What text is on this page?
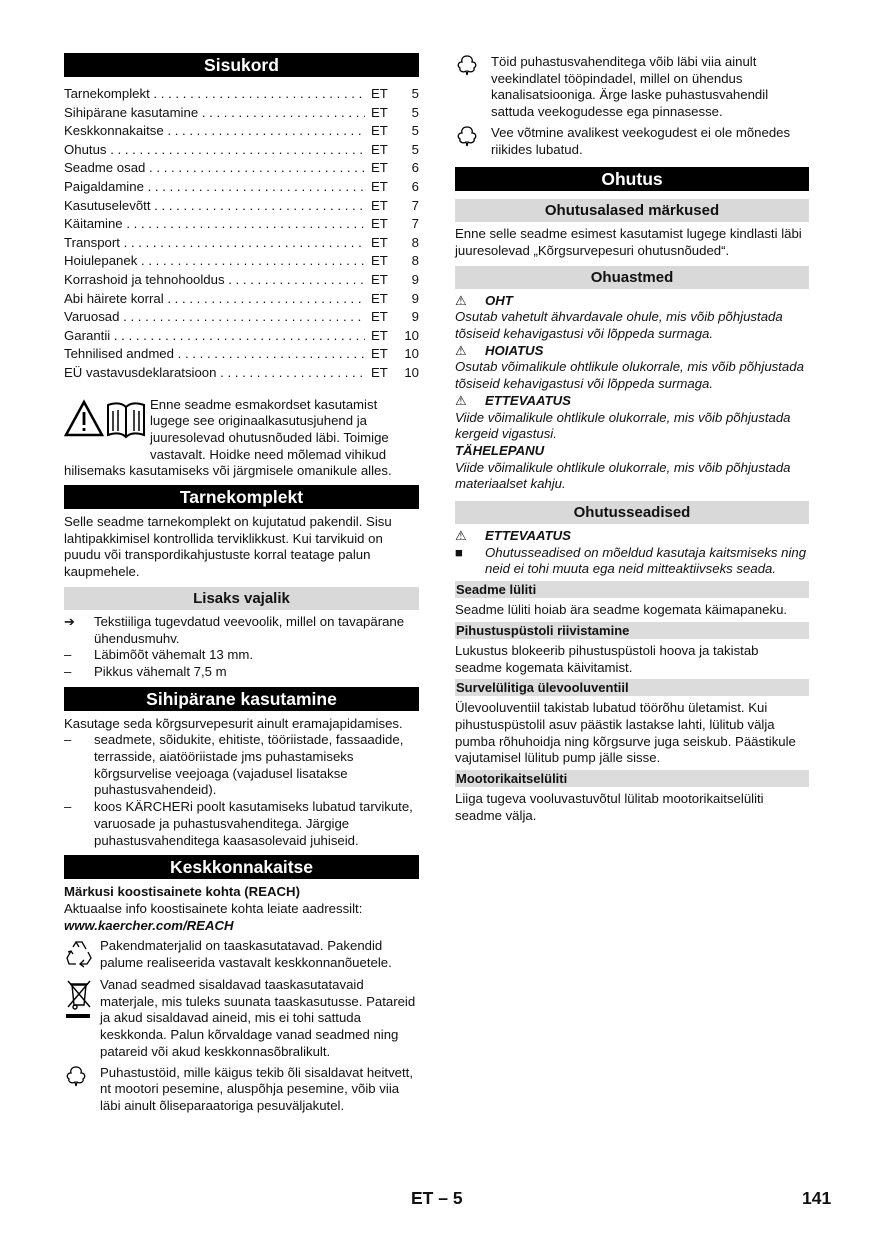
Sisukord
Tarnekomplekt . . .	ET	5
Sihipärane kasutamine . . .	ET	5
Keskkonnakaitse . . .	ET	5
Ohutus . . .	ET	5
Seadme osad . . .	ET	6
Paigaldamine . . .	ET	6
Kasutuselevõtt . . .	ET	7
Käitamine . . .	ET	7
Transport . . .	ET	8
Hoiulepanek . . .	ET	8
Korrashoid ja tehnohooldus . . .	ET	9
Abi häirete korral . . .	ET	9
Varuosad . . .	ET	9
Garantii . . .	ET	10
Tehnilised andmed . . .	ET	10
EÜ vastavusdeklaratsioon . . .	ET	10

Enne seadme esmakordset kasutamist lugege see originaalkasutusjuhend ja juuresolevad ohutusnõuded läbi. Toimige vastavalt. Hoidke need mõlemad vihikud hilisemaks kasutamiseks või järgmisele omanikule alles.

Tarnekomplekt

Selle seadme tarnekomplekt on kujutatud pakendil. Sisu lahtipakkimisel kontrollida terviklikkust. Kui tarvikuid on puudu või transpordikahjustuste korral teatage palun kaupmehele.

Lisaks vajalik
➔	Tekstiiliga tugevdatud veevoolik, millel on tavapärane ühendusmuhv.
–	Läbimõõt vähemalt 13 mm.
–	Pikkus vähemalt 7,5 m
Sihipärane kasutamine

Kasutage seda kõrgsurvepesurit ainult eramajapidamises.

–	seadmete, sõidukite, ehitiste, tööriistade, fassaadide, terrasside, aiatööriistade jms puhastamiseks kõrgsurvelise veejoaga (vajadusel lisatakse puhastusvahendeid).
–	koos KÄRCHERi poolt kasutamiseks lubatud tarvikute, varuosade ja puhastusvahenditega. Järgige puhastusvahenditega kaasasolevaid juhiseid.
Keskkonnakaitse

Märkusi koostisainete kohta (REACH)

Aktuaalse info koostisainete kohta leiate aadressilt:

www.kaercher.com/REACH

Pakendmaterjalid on taaskasutatavad. Pakendid palume realiseerida vastavalt keskkonnanõuetele.
Vanad seadmed sisaldavad taaskasutatavaid materjale, mis tuleks suunata taaskasutusse. Patareid ja akud sisaldavad aineid, mis ei tohi sattuda keskkonda. Palun kõrvaldage vanad seadmed ning patareid või akud keskkonnasõbralikult.
Puhastustöid, mille käigus tekib õli sisaldavat heitvett, nt mootori pesemine, aluspõhja pesemine, võib viia läbi ainult õliseparaatoriga pesuväljakutel.
Töid puhastusvahenditega võib läbi viia ainult veekindlatel tööpindadel, millel on ühendus kanalisatsiooniga. Ärge laske puhastusvahendil sattuda veekogudesse ega pinnasesse.
Vee võtmine avalikest veekogudest ei ole mõnedes riikides lubatud.
Ohutus
Ohutusalased märkused

Enne selle seadme esimest kasutamist lugege kindlasti läbi juuresolevad „Kõrgsurvepesuri ohutusnõuded“.

Ohuastmed
⚠	OHT

Osutab vahetult ähvardavale ohule, mis võib põhjustada tõsiseid kehavigastusi või lõppeda surmaga.

⚠	HOIATUS

Osutab võimalikule ohtlikule olukorrale, mis võib põhjustada tõsiseid kehavigastusi või lõppeda surmaga.

⚠	ETTEVAATUS

Viide võimalikule ohtlikule olukorrale, mis võib põhjustada kergeid vigastusi.

TÄHELEPANU

Viide võimalikule ohtlikule olukorrale, mis võib põhjustada materiaalset kahju.

Ohutusseadised
⚠	ETTEVAATUS
■	Ohutusseadised on mõeldud kasutaja kaitsmiseks ning neid ei tohi muuta ega neid mitteaktiivseks seada.
Seadme lüliti

Seadme lüliti hoiab ära seadme kogemata käimapaneku.

Pihustuspüstoli riivistamine

Lukustus blokeerib pihustuspüstoli hoova ja takistab seadme kogemata käivitamist.

Survelülitiga ülevooluventiil

Ülevooluventiil takistab lubatud töörõhu ületamist. Kui pihustuspüstolil asuv päästik lastakse lahti, lülitub välja pumba rõhuhoidja ning kõrgsurve juga seiskub. Päästikule vajutamisel lülitub pump jälle sisse.

Mootorikaitselüliti

Liiga tugeva vooluvastuvõtul lülitab mootorikaitselüliti seadme välja.

ET – 5	141
